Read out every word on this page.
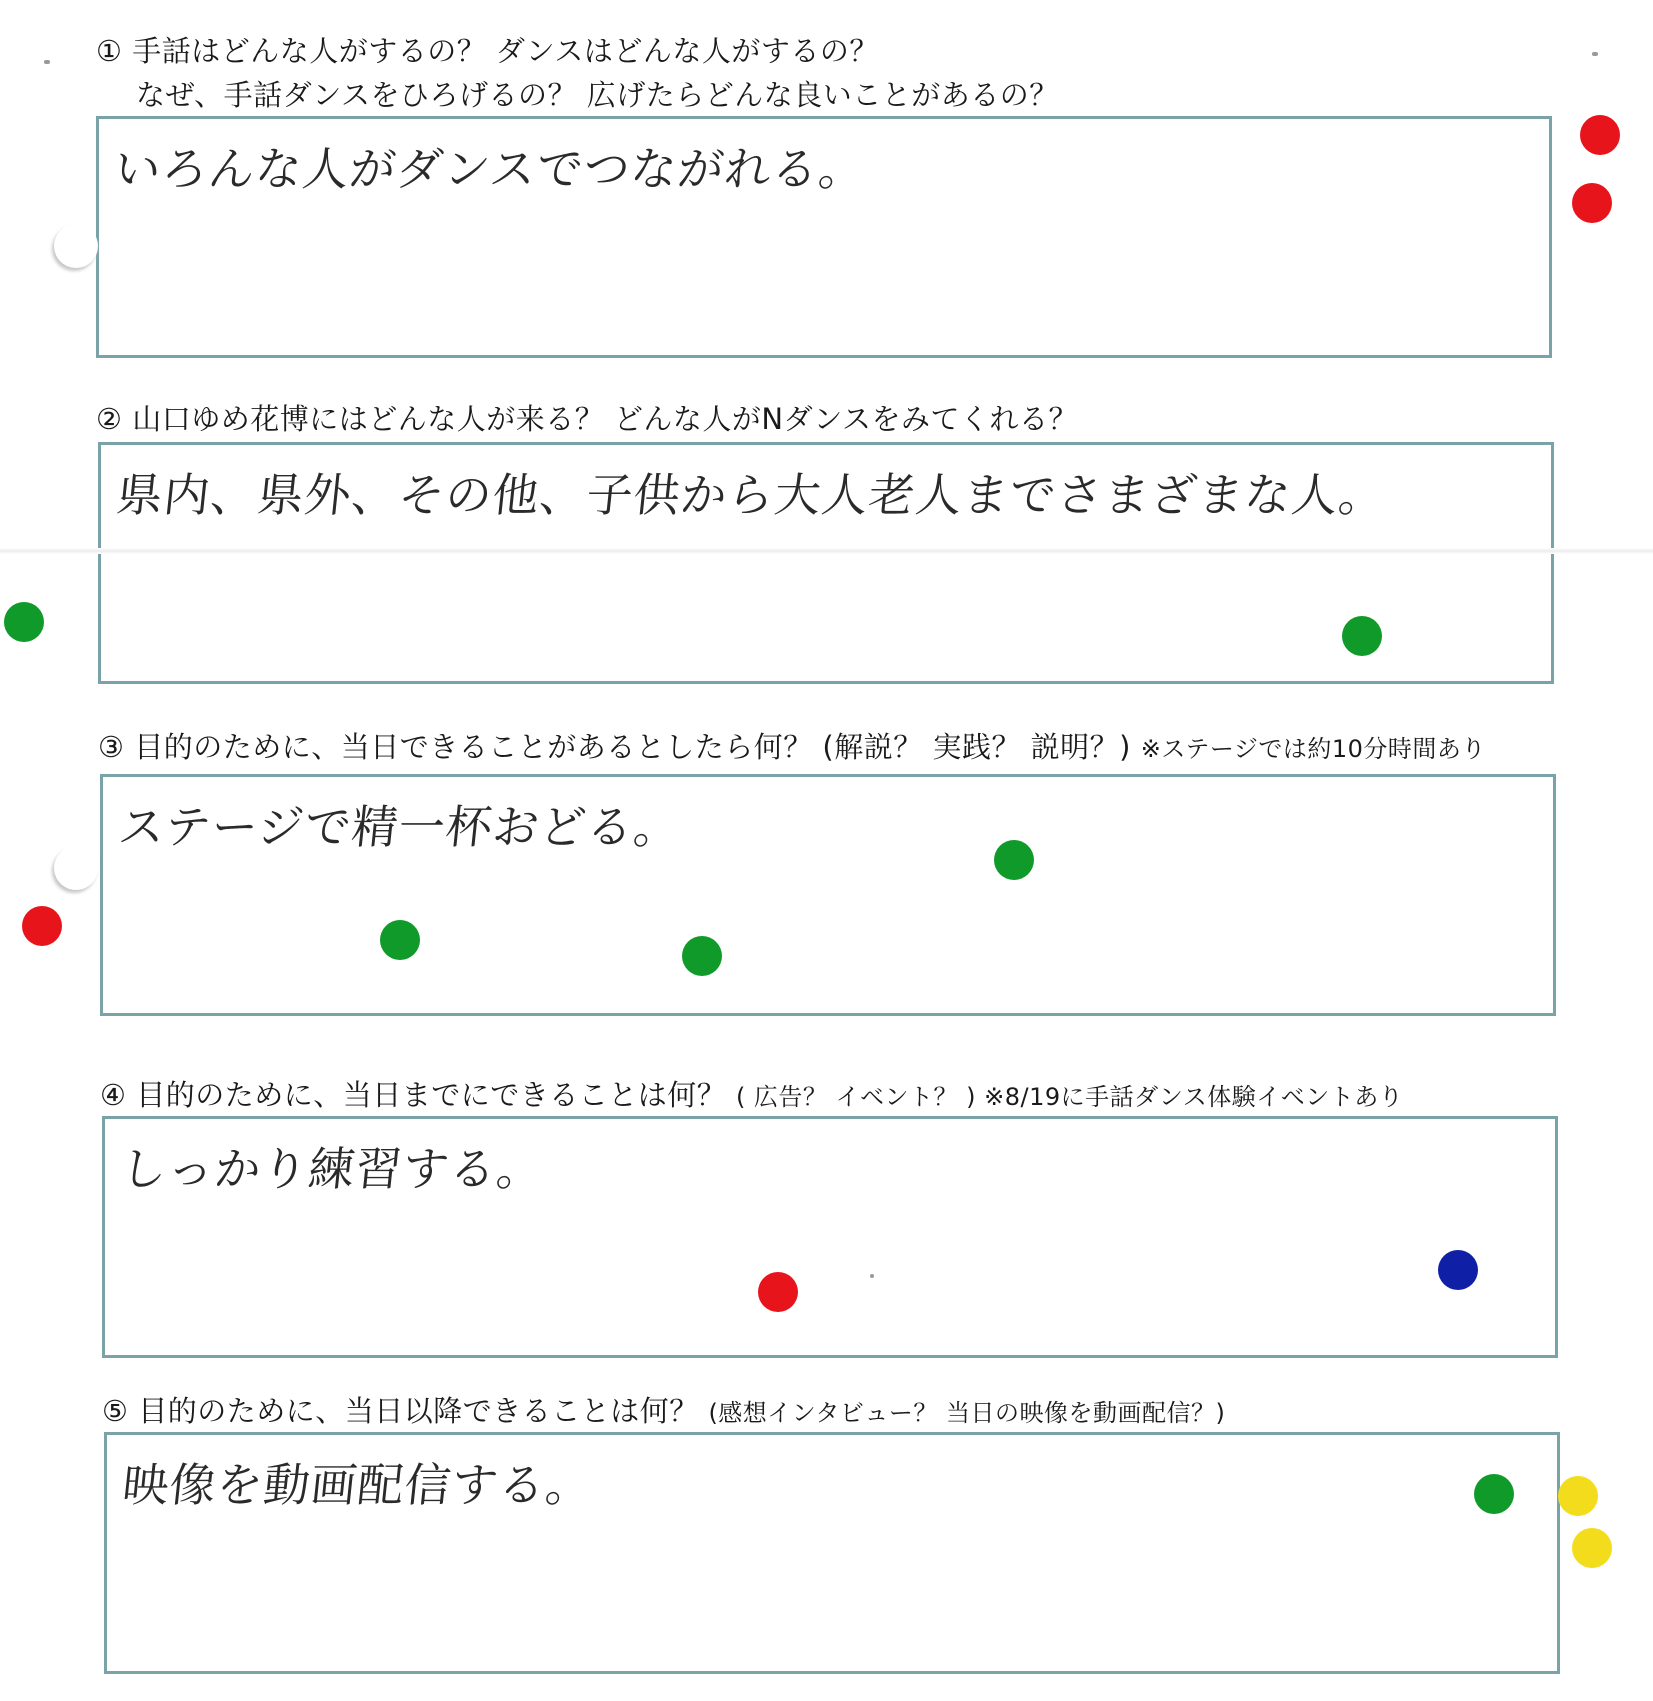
① 手話はどんな人がするの？ ダンスはどんな人がするの？
なぜ、手話ダンスをひろげるの？ 広げたらどんな良いことがあるの？
いろんな人がダンスでつながれる。
② 山口ゆめ花博にはどんな人が来る？ どんな人がNダンスをみてくれる？
県内、県外、その他、子供から大人老人までさまざまな人。
③ 目的のために、当日できることがあるとしたら何？ (解説？ 実践？ 説明？) ※ステージでは約10分時間あり
ステージで精一杯おどる。
④ 目的のために、当日までにできることは何？ ( 広告？ イベント？ ) ※8/19に手話ダンス体験イベントあり
しっかり練習する。
⑤ 目的のために、当日以降できることは何？ (感想インタビュー？ 当日の映像を動画配信？)
映像を動画配信する。
